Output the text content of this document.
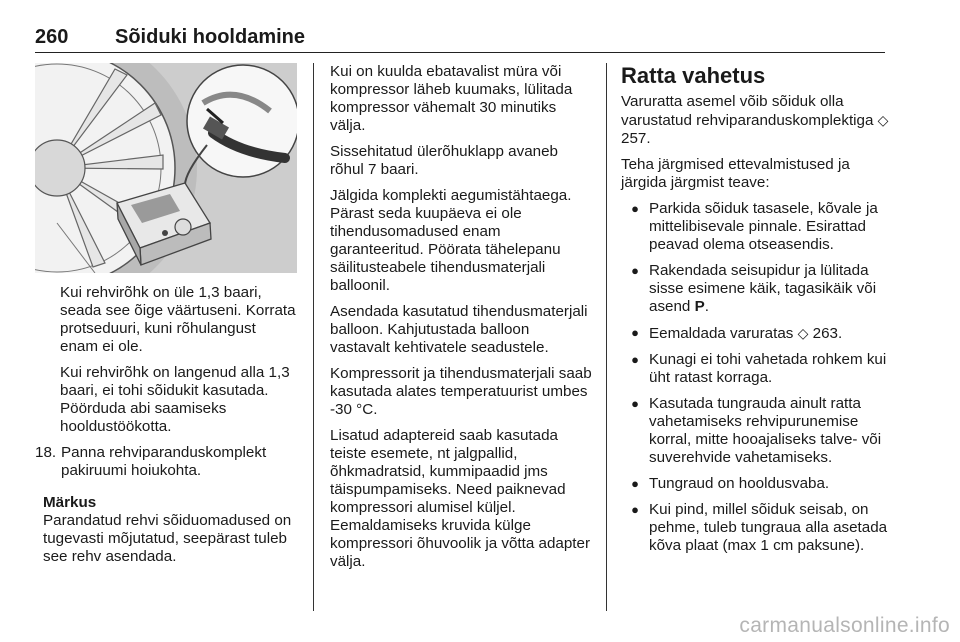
260 Sõiduki hooldamine

Kui rehvirõhk on üle 1,3 baari, seada see õige väärtuseni. Korrata protseduuri, kuni rõhulangust enam ei ole.

Kui rehvirõhk on langenud alla 1,3 baari, ei tohi sõidukit kasutada. Pöörduda abi saamiseks hooldustöökotta.

18. Panna rehviparanduskomplekt pakiruumi hoiukohta.
Märkus
Parandatud rehvi sõiduomadused on tugevasti mõjutatud, seepärast tuleb see rehv asendada.

Kui on kuulda ebatavalist müra või kompressor läheb kuumaks, lülitada kompressor vähemalt 30 minutiks välja.

Sissehitatud ülerõhuklapp avaneb rõhul 7 baari.

Jälgida komplekti aegumistähtaega. Pärast seda kuupäeva ei ole tihendusomadused enam garanteeritud. Pöörata tähelepanu säilitusteabele tihendusmaterjali balloonil.

Asendada kasutatud tihendusmaterjali balloon. Kahjutustada balloon vastavalt kehtivatele seadustele.

Kompressorit ja tihendusmaterjali saab kasutada alates temperatuurist umbes -30 °C.

Lisatud adaptereid saab kasutada teiste esemete, nt jalgpallid, õhkmadratsid, kummipaadid jms täispumpamiseks. Need paiknevad kompressori alumisel küljel. Eemaldamiseks kruvida külge kompressori õhuvoolik ja võtta adapter välja.

Ratta vahetus

Varuratta asemel võib sõiduk olla varustatud rehviparanduskomplektiga ◇ 257.

Teha järgmised ettevalmistused ja järgida järgmist teave:

● Parkida sõiduk tasasele, kõvale ja mittelibisevale pinnale. Esirattad peavad olema otseasendis.
● Rakendada seisupidur ja lülitada sisse esimene käik, tagasikäik või asend P.
● Eemaldada varuratas ◇ 263.
● Kunagi ei tohi vahetada rohkem kui üht ratast korraga.
● Kasutada tungrauda ainult ratta vahetamiseks rehvipurunemise korral, mitte hooajaliseks talve- või suverehvide vahetamiseks.
● Tungraud on hooldusvaba.
● Kui pind, millel sõiduk seisab, on pehme, tuleb tungraua alla asetada kõva plaat (max 1 cm paksune).
carmanualsonline.info
